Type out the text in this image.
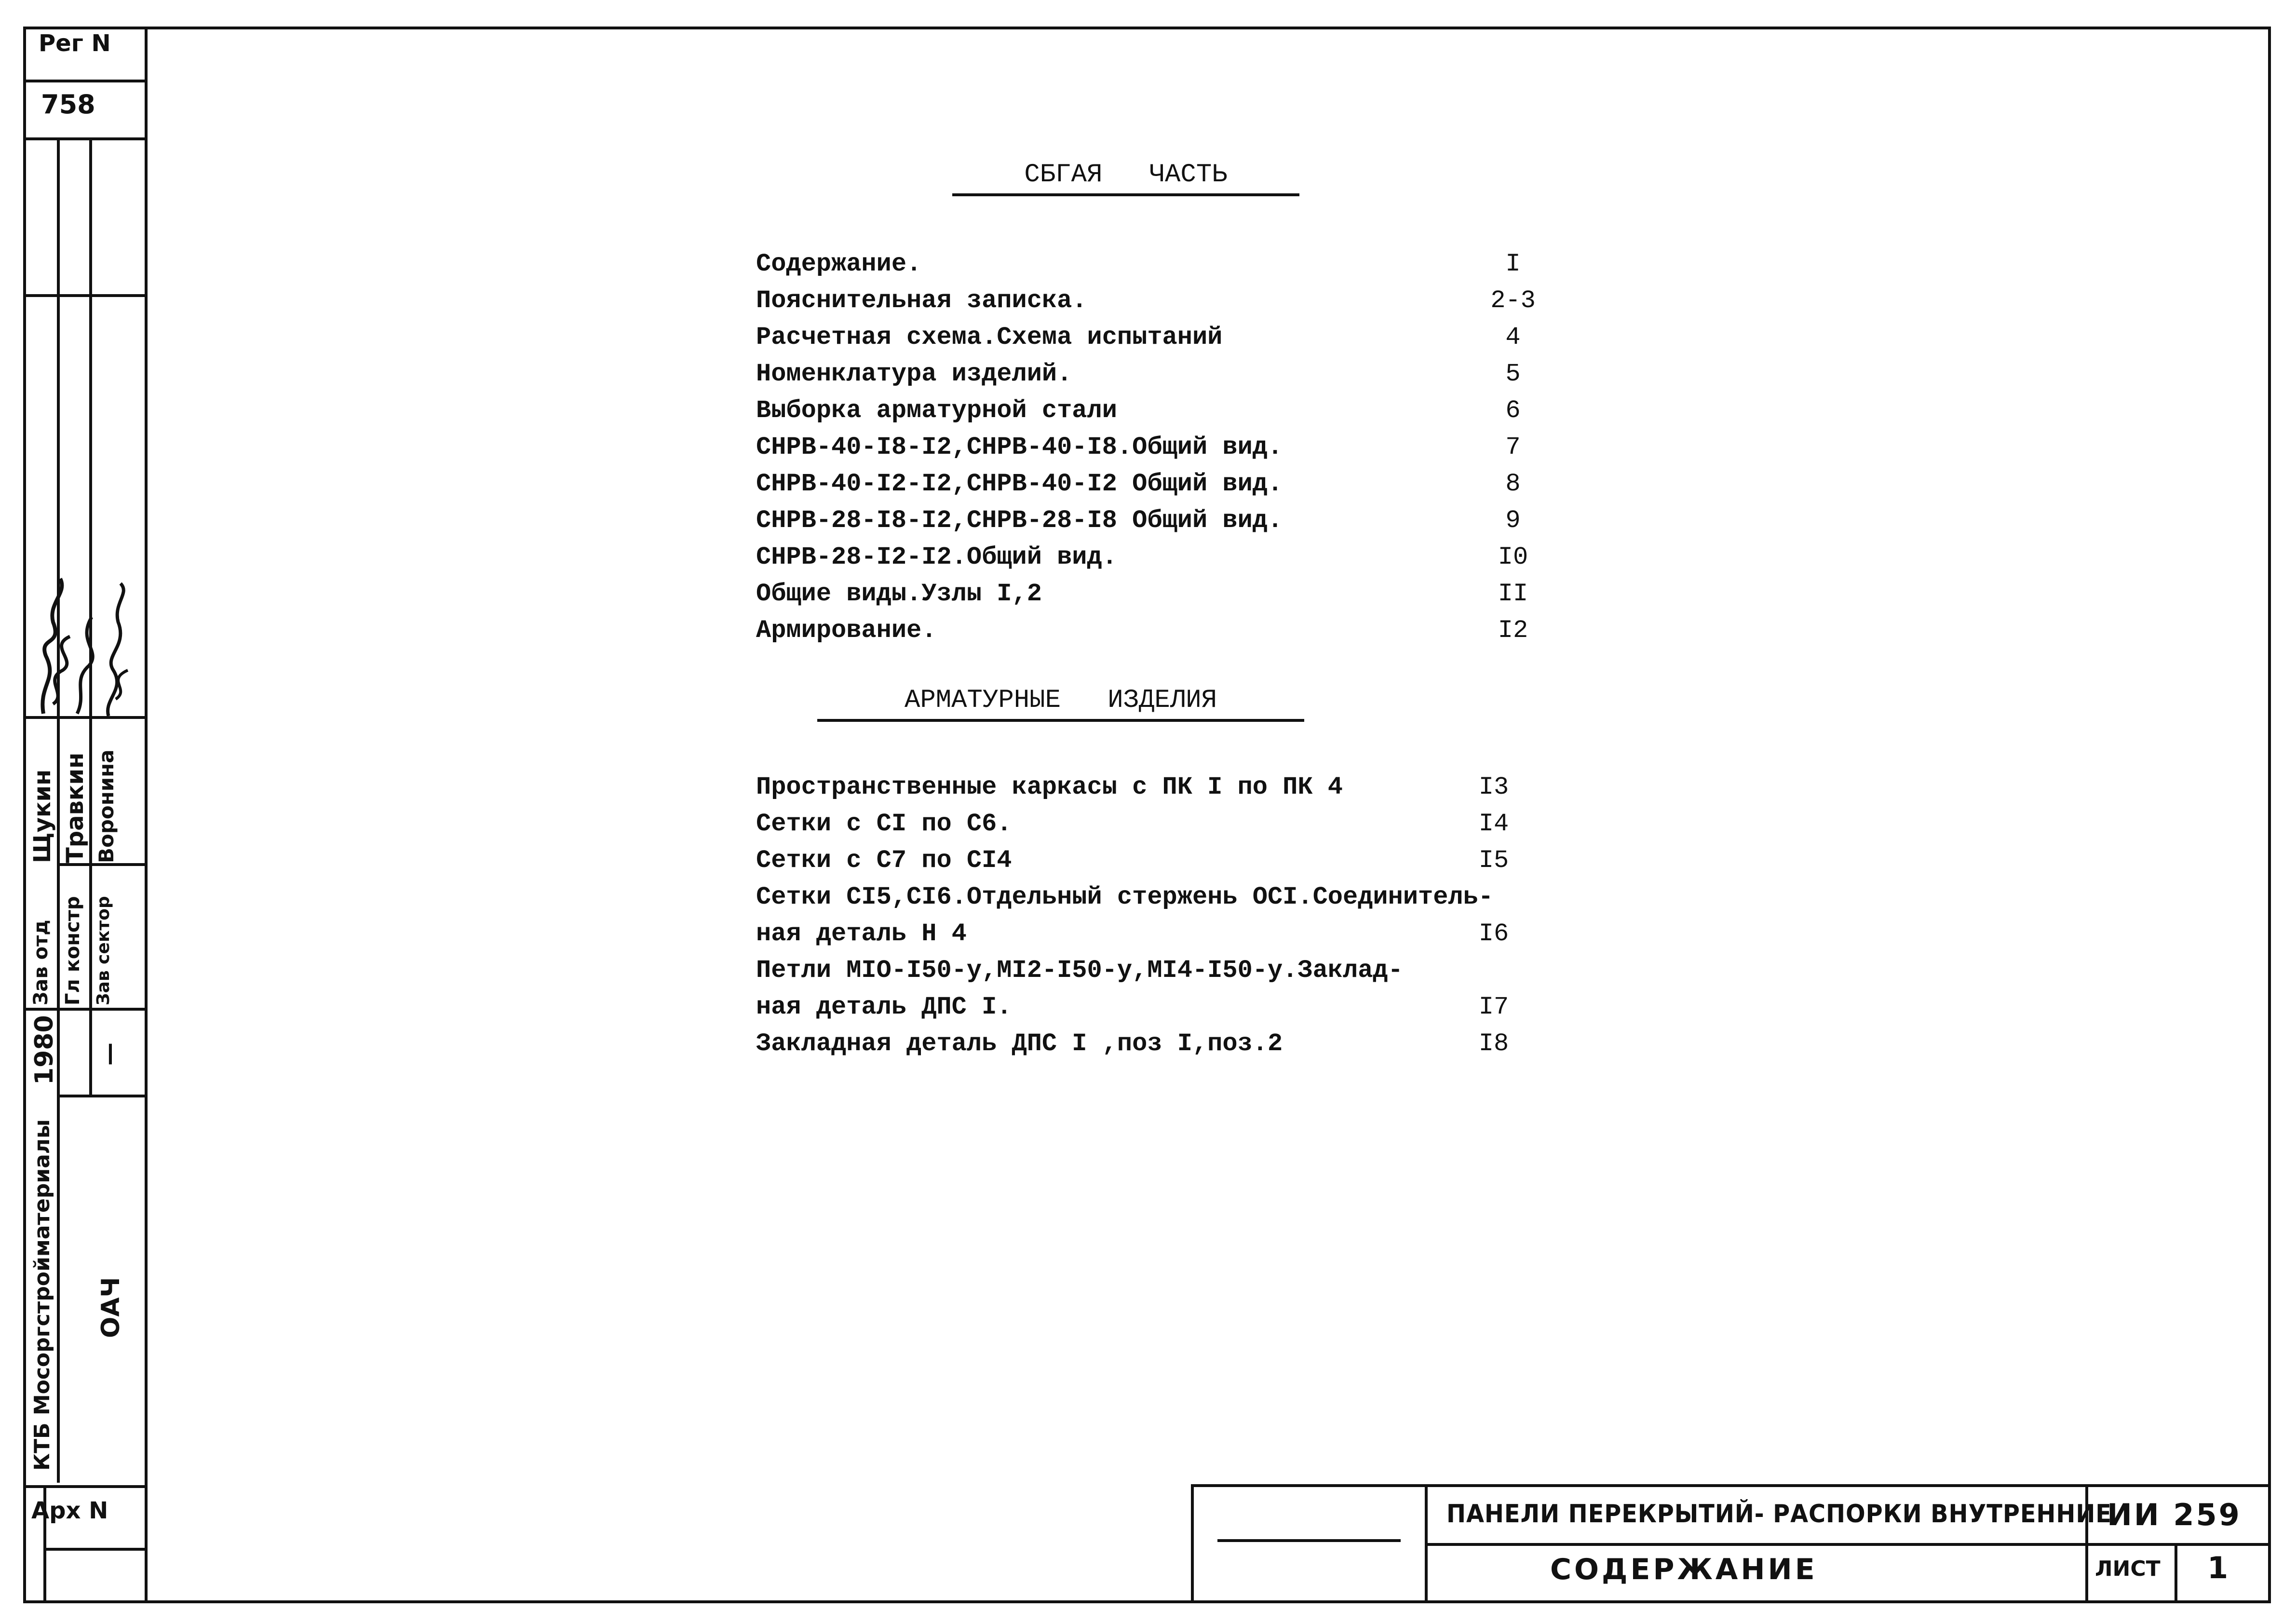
Рег N
758
Щукин Травкин Воронина
Зав отд Гл констр Зав сектор
1980 —
КТБ Мосоргстройматериалы ОАЧ
Арх N
СБГАЯ   ЧАСТЬ
Содержание.	I
Пояснительная записка.	2-3
Расчетная схема.Схема испытаний	4
Номенклатура изделий.	5
Выборка арматурной стали	6
СНРВ-40-I8-I2,СНРВ-40-I8.Общий вид.	7
СНРВ-40-I2-I2,СНРВ-40-I2 Общий вид.	8
СНРВ-28-I8-I2,СНРВ-28-I8 Общий вид.	9
СНРВ-28-I2-I2.Общий вид.	I0
Общие виды.Узлы I,2	II
Армирование.	I2
АРМАТУРНЫЕ   ИЗДЕЛИЯ
Пространственные каркасы с ПК I по ПК 4	I3
Сетки с СI по С6.	I4
Сетки с С7 по СI4	I5
Сетки СI5,СI6.Отдельный стержень ОСI.Соединитель-
ная деталь Н 4	I6
Петли МIО-I50-у,МI2-I50-у,МI4-I50-у.Заклад-
ная деталь ДПС I.	I7
Закладная деталь ДПС I ,поз I,поз.2	I8
ПАНЕЛИ ПЕРЕКРЫТИЙ- РАСПОРКИ ВНУТРЕННИЕ
СОДЕРЖАНИЕ
ИИ 259
ЛИСТ 1
